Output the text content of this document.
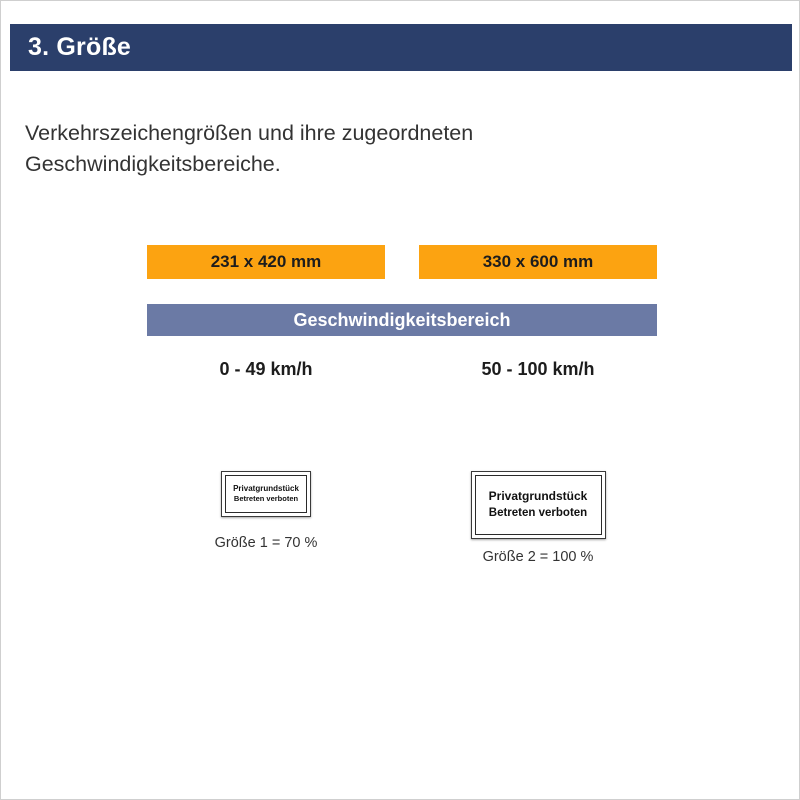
3. Größe
Verkehrszeichengrößen und ihre zugeordneten Geschwindigkeitsbereiche.
231 x 420 mm	330 x 600 mm
Geschwindigkeitsbereich
0 - 49 km/h	50 - 100 km/h
Privatgrundstück
Betreten verboten
Größe 1 = 70 %
Privatgrundstück
Betreten verboten
Größe 2 = 100 %
